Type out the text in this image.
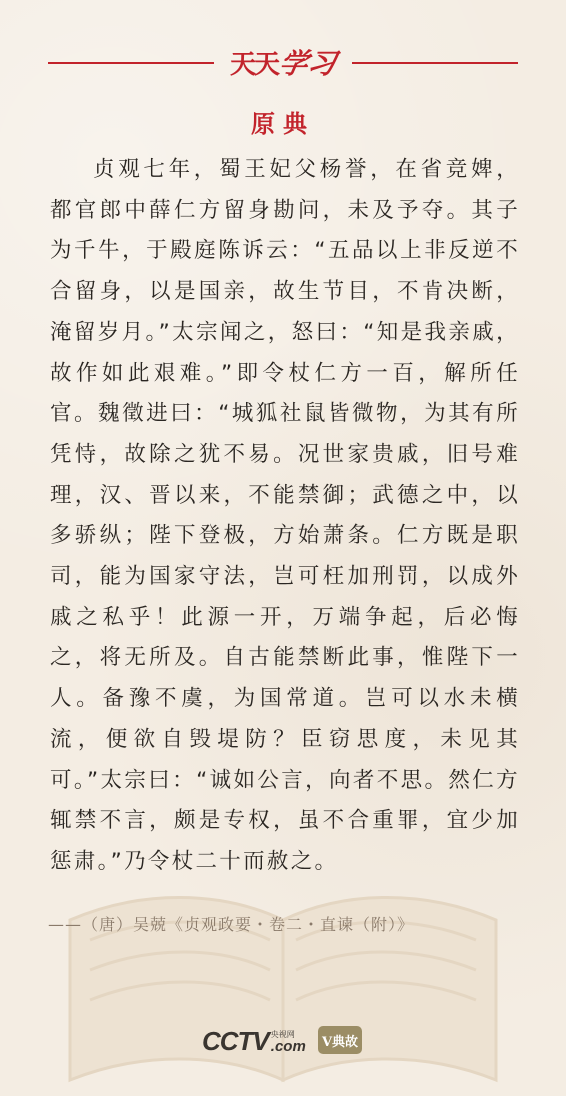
天天
学习
原典

贞观七年，蜀王妃父杨誉，在省竞婢，都官郎中薛仁方留身勘问，未及予夺。其子为千牛，于殿庭陈诉云：“五品以上非反逆不合留身，以是国亲，故生节目，不肯决断，淹留岁月。”太宗闻之，怒曰：“知是我亲戚，故作如此艰难。”即令杖仁方一百，解所任官。魏徵进曰：“城狐社鼠皆微物，为其有所凭恃，故除之犹不易。况世家贵戚，旧号难理，汉、晋以来，不能禁御；武德之中，以多骄纵；陛下登极，方始萧条。仁方既是职司，能为国家守法，岂可枉加刑罚，以成外戚之私乎！此源一开，万端争起，后必悔之，将无所及。自古能禁断此事，惟陛下一人。备豫不虞，为国常道。岂可以水未横流，便欲自毁堤防？臣窃思度，未见其可。”太宗曰：“诚如公言，向者不思。然仁方辄禁不言，颇是专权，虽不合重罪，宜少加惩肃。”乃令杖二十而赦之。

——（唐）吴兢《贞观政要・卷二・直谏（附）》
CCTV 央视网
.com	V典故
